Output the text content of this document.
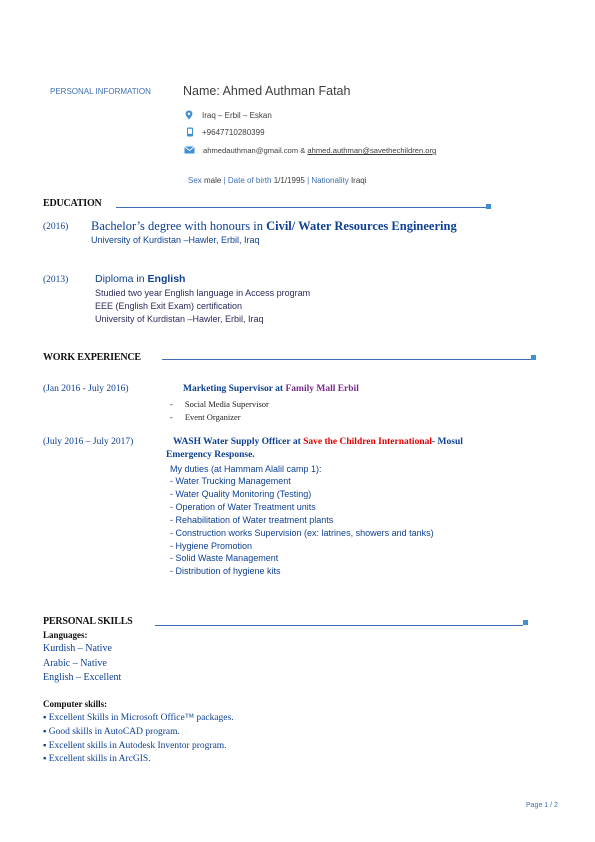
PERSONAL INFORMATION	Name: Ahmed Authman Fatah
Iraq – Erbil – Eskan
+9647710280399
ahmedauthman@gmail.com & ahmed.authman@savethechildren.org
Sex male | Date of birth 1/1/1995 | Nationality Iraqi
EDUCATION
(2016) Bachelor’s degree with honours in Civil/ Water Resources Engineering
University of Kurdistan –Hawler, Erbil, Iraq
(2013)	Diploma in English
Studied two year English language in Access program
EEE (English Exit Exam) certification
University of Kurdistan –Hawler, Erbil, Iraq
WORK EXPERIENCE
(Jan 2016 - July 2016)	Marketing Supervisor at Family Mall Erbil
- Social Media Supervisor
- Event Organizer
(July 2016 – July 2017)	WASH Water Supply Officer at Save the Children International- Mosul
Emergency Response.
My duties (at Hammam Alalil camp 1):
- Water Trucking Management
- Water Quality Monitoring (Testing)
- Operation of Water Treatment units
- Rehabilitation of Water treatment plants
- Construction works Supervision (ex: latrines, showers and tanks)
- Hygiene Promotion
- Solid Waste Management
- Distribution of hygiene kits
PERSONAL SKILLS
Languages:
Kurdish – Native
Arabic – Native
English – Excellent
Computer skills:
▪ Excellent Skills in Microsoft Office™ packages.
▪ Good skills in AutoCAD program.
▪ Excellent skills in Autodesk Inventor program.
▪ Excellent skills in ArcGIS.
Page 1 / 2
